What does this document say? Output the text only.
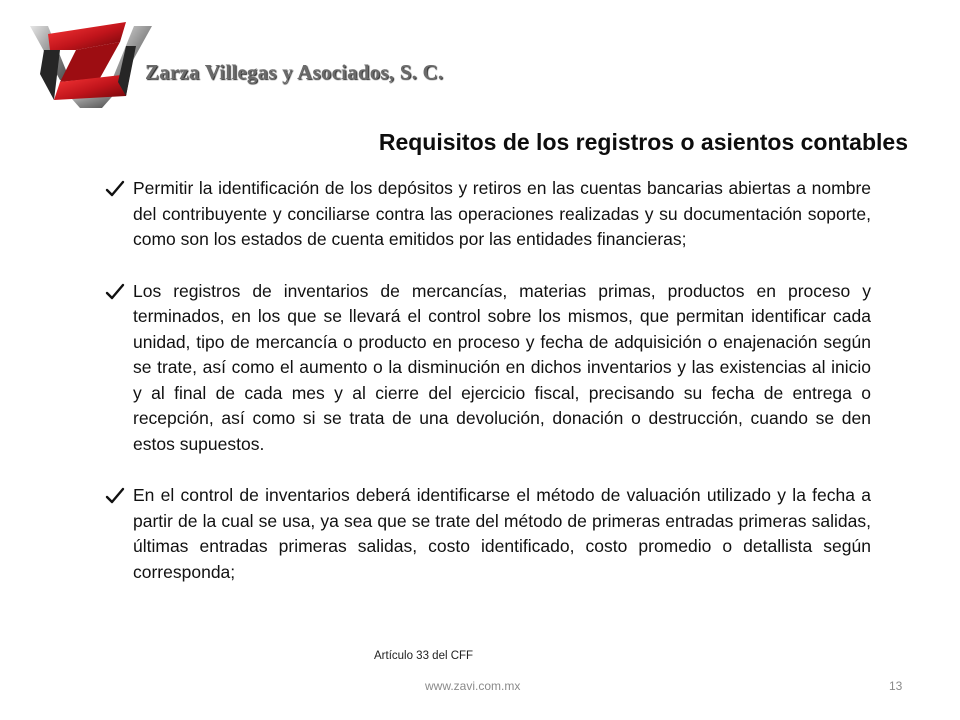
Zarza Villegas y Asociados, S. C.
Requisitos de los registros o asientos contables
Permitir la identificación de los depósitos y retiros en las cuentas bancarias abiertas a nombre del contribuyente y conciliarse contra las operaciones realizadas y su documentación soporte, como son los estados de cuenta emitidos por las entidades financieras;
Los registros de inventarios de mercancías, materias primas, productos en proceso y terminados, en los que se llevará el control sobre los mismos, que permitan identificar cada unidad, tipo de mercancía o producto en proceso y fecha de adquisición o enajenación según se trate, así como el aumento o la disminución en dichos inventarios y las existencias al inicio y al final de cada mes y al cierre del ejercicio fiscal, precisando su fecha de entrega o recepción, así como si se trata de una devolución, donación o destrucción, cuando se den estos supuestos.
En el control de inventarios deberá identificarse el método de valuación utilizado y la fecha a partir de la cual se usa, ya sea que se trate del método de primeras entradas primeras salidas, últimas entradas primeras salidas, costo identificado, costo promedio o detallista según corresponda;
Artículo 33 del CFF
www.zavi.com.mx	13
